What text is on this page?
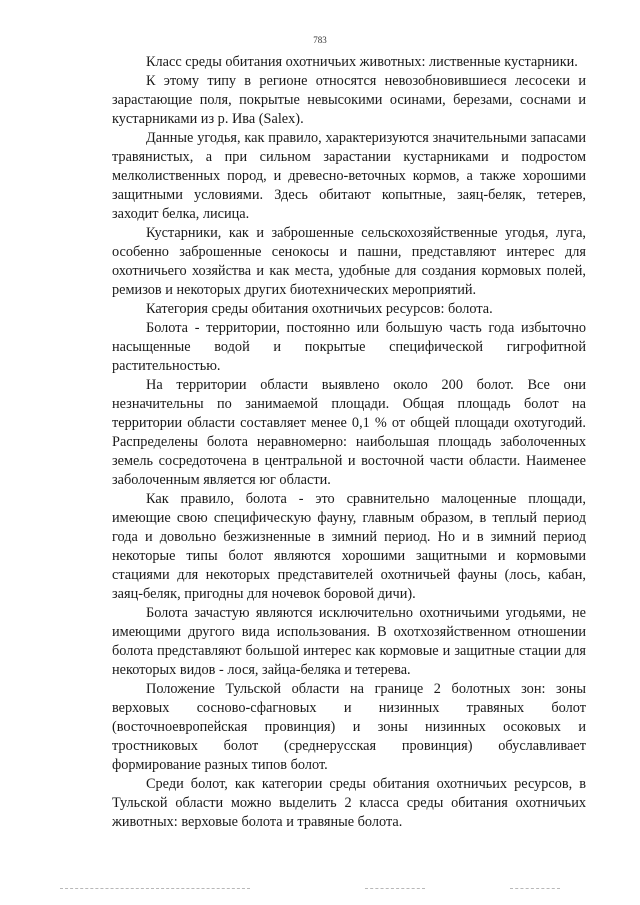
783

Класс среды обитания охотничьих животных: лиственные кустарники.

К этому типу в регионе относятся невозобновившиеся лесосеки и зарастающие поля, покрытые невысокими осинами, березами, соснами и кустарниками из р. Ива (Salex).

Данные угодья, как правило, характеризуются значительными запасами травянистых, а при сильном зарастании кустарниками и подростом мелколиственных пород, и древесно-веточных кормов, а также хорошими защитными условиями. Здесь обитают копытные, заяц-беляк, тетерев, заходит белка, лисица.

Кустарники, как и заброшенные сельскохозяйственные угодья, луга, особенно заброшенные сенокосы и пашни, представляют интерес для охотничьего хозяйства и как места, удобные для создания кормовых полей, ремизов и некоторых других биотехнических мероприятий.

Категория среды обитания охотничьих ресурсов: болота.

Болота - территории, постоянно или большую часть года избыточно насыщенные водой и покрытые специфической гигрофитной растительностью.

На территории области выявлено около 200 болот. Все они незначительны по занимаемой площади. Общая площадь болот на территории области составляет менее 0,1 % от общей площади охотугодий. Распределены болота неравномерно: наибольшая площадь заболоченных земель сосредоточена в центральной и восточной части области. Наименее заболоченным является юг области.

Как правило, болота - это сравнительно малоценные площади, имеющие свою специфическую фауну, главным образом, в теплый период года и довольно безжизненные в зимний период. Но и в зимний период некоторые типы болот являются хорошими защитными и кормовыми стациями для некоторых представителей охотничьей фауны (лось, кабан, заяц-беляк, пригодны для ночевок боровой дичи).

Болота зачастую являются исключительно охотничьими угодьями, не имеющими другого вида использования. В охотхозяйственном отношении болота представляют большой интерес как кормовые и защитные стации для некоторых видов - лося, зайца-беляка и тетерева.

Положение Тульской области на границе 2 болотных зон: зоны верховых сосново-сфагновых и низинных травяных болот (восточноевропейская провинция) и зоны низинных осоковых и тростниковых болот (среднерусская провинция) обуславливает формирование разных типов болот.

Среди болот, как категории среды обитания охотничьих ресурсов, в Тульской области можно выделить 2 класса среды обитания охотничьих животных: верховые болота и травяные болота.
